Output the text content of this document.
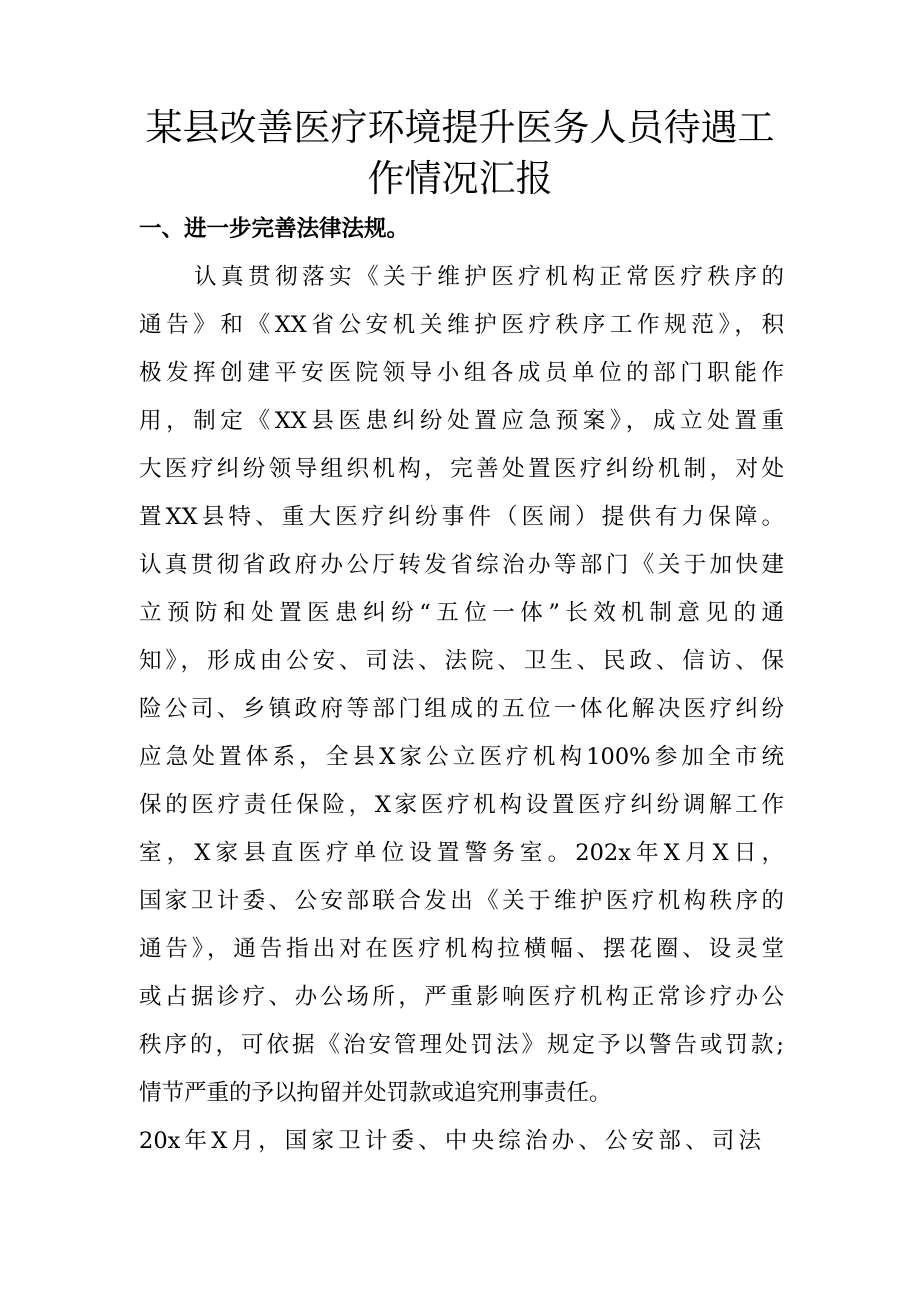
某县改善医疗环境提升医务人员待遇工
作情况汇报
一、进一步完善法律法规。

认真贯彻落实《关于维护医疗机构正常医疗秩序的

通告》和《XX省公安机关维护医疗秩序工作规范》，积

极发挥创建平安医院领导小组各成员单位的部门职能作

用，制定《XX县医患纠纷处置应急预案》，成立处置重

大医疗纠纷领导组织机构，完善处置医疗纠纷机制，对处

置XX县特、重大医疗纠纷事件（医闹）提供有力保障。

认真贯彻省政府办公厅转发省综治办等部门《关于加快建

立预防和处置医患纠纷“五位一体”长效机制意见的通

知》，形成由公安、司法、法院、卫生、民政、信访、保

险公司、乡镇政府等部门组成的五位一体化解决医疗纠纷

应急处置体系，全县X家公立医疗机构100%参加全市统

保的医疗责任保险，X家医疗机构设置医疗纠纷调解工作

室，X家县直医疗单位设置警务室。202x年X月X日，

国家卫计委、公安部联合发出《关于维护医疗机构秩序的

通告》，通告指出对在医疗机构拉横幅、摆花圈、设灵堂

或占据诊疗、办公场所，严重影响医疗机构正常诊疗办公

秩序的，可依据《治安管理处罚法》规定予以警告或罚款;

情节严重的予以拘留并处罚款或追究刑事责任。

20x年X月，国家卫计委、中央综治办、公安部、司法
